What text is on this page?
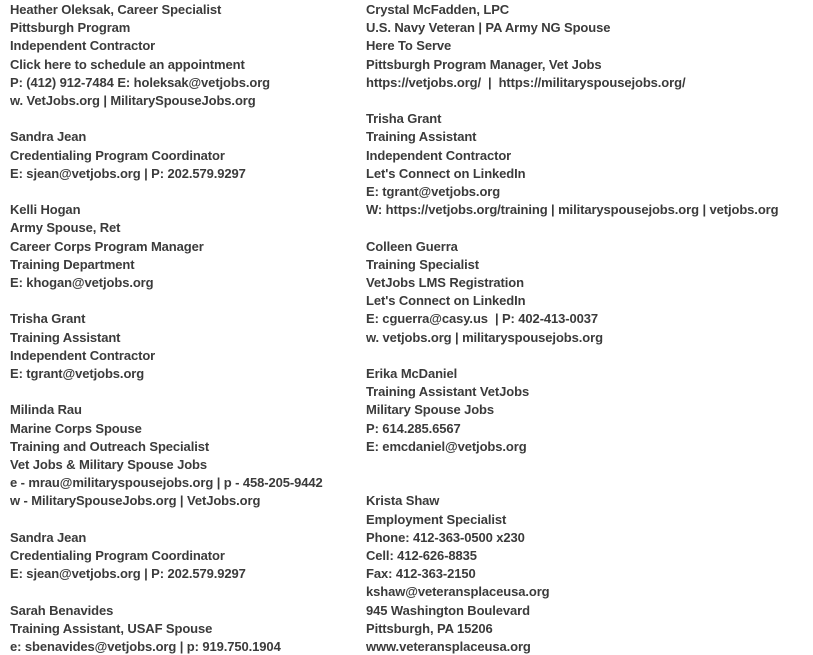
Heather Oleksak, Career Specialist
Pittsburgh Program
Independent Contractor
Click here to schedule an appointment
P: (412) 912-7484 E: holeksak@vetjobs.org
w. VetJobs.org | MilitarySpouseJobs.org
Sandra Jean
Credentialing Program Coordinator
E: sjean@vetjobs.org | P: 202.579.9297
Kelli Hogan
Army Spouse, Ret
Career Corps Program Manager
Training Department
E: khogan@vetjobs.org
Trisha Grant
Training Assistant
Independent Contractor
E: tgrant@vetjobs.org
Milinda Rau
Marine Corps Spouse
Training and Outreach Specialist
Vet Jobs & Military Spouse Jobs
e - mrau@militaryspousejobs.org | p - 458-205-9442
w - MilitarySpouseJobs.org | VetJobs.org
Sandra Jean
Credentialing Program Coordinator
E: sjean@vetjobs.org | P: 202.579.9297
Sarah Benavides
Training Assistant, USAF Spouse
e: sbenavides@vetjobs.org | p: 919.750.1904
Crystal McFadden, LPC
U.S. Navy Veteran | PA Army NG Spouse
Here To Serve
Pittsburgh Program Manager, Vet Jobs
https://vetjobs.org/  |  https://militaryspousejobs.org/
Trisha Grant
Training Assistant
Independent Contractor
Let's Connect on LinkedIn
E: tgrant@vetjobs.org
W: https://vetjobs.org/training | militaryspousejobs.org | vetjobs.org
Colleen Guerra
Training Specialist
VetJobs LMS Registration
Let's Connect on LinkedIn
E: cguerra@casy.us  | P: 402-413-0037
w. vetjobs.org | militaryspousejobs.org
Erika McDaniel
Training Assistant VetJobs
Military Spouse Jobs
P: 614.285.6567
E: emcdaniel@vetjobs.org
Krista Shaw
Employment Specialist
Phone: 412-363-0500 x230
Cell: 412-626-8835
Fax: 412-363-2150
kshaw@veteransplaceusa.org
945 Washington Boulevard
Pittsburgh, PA 15206
www.veteransplaceusa.org
